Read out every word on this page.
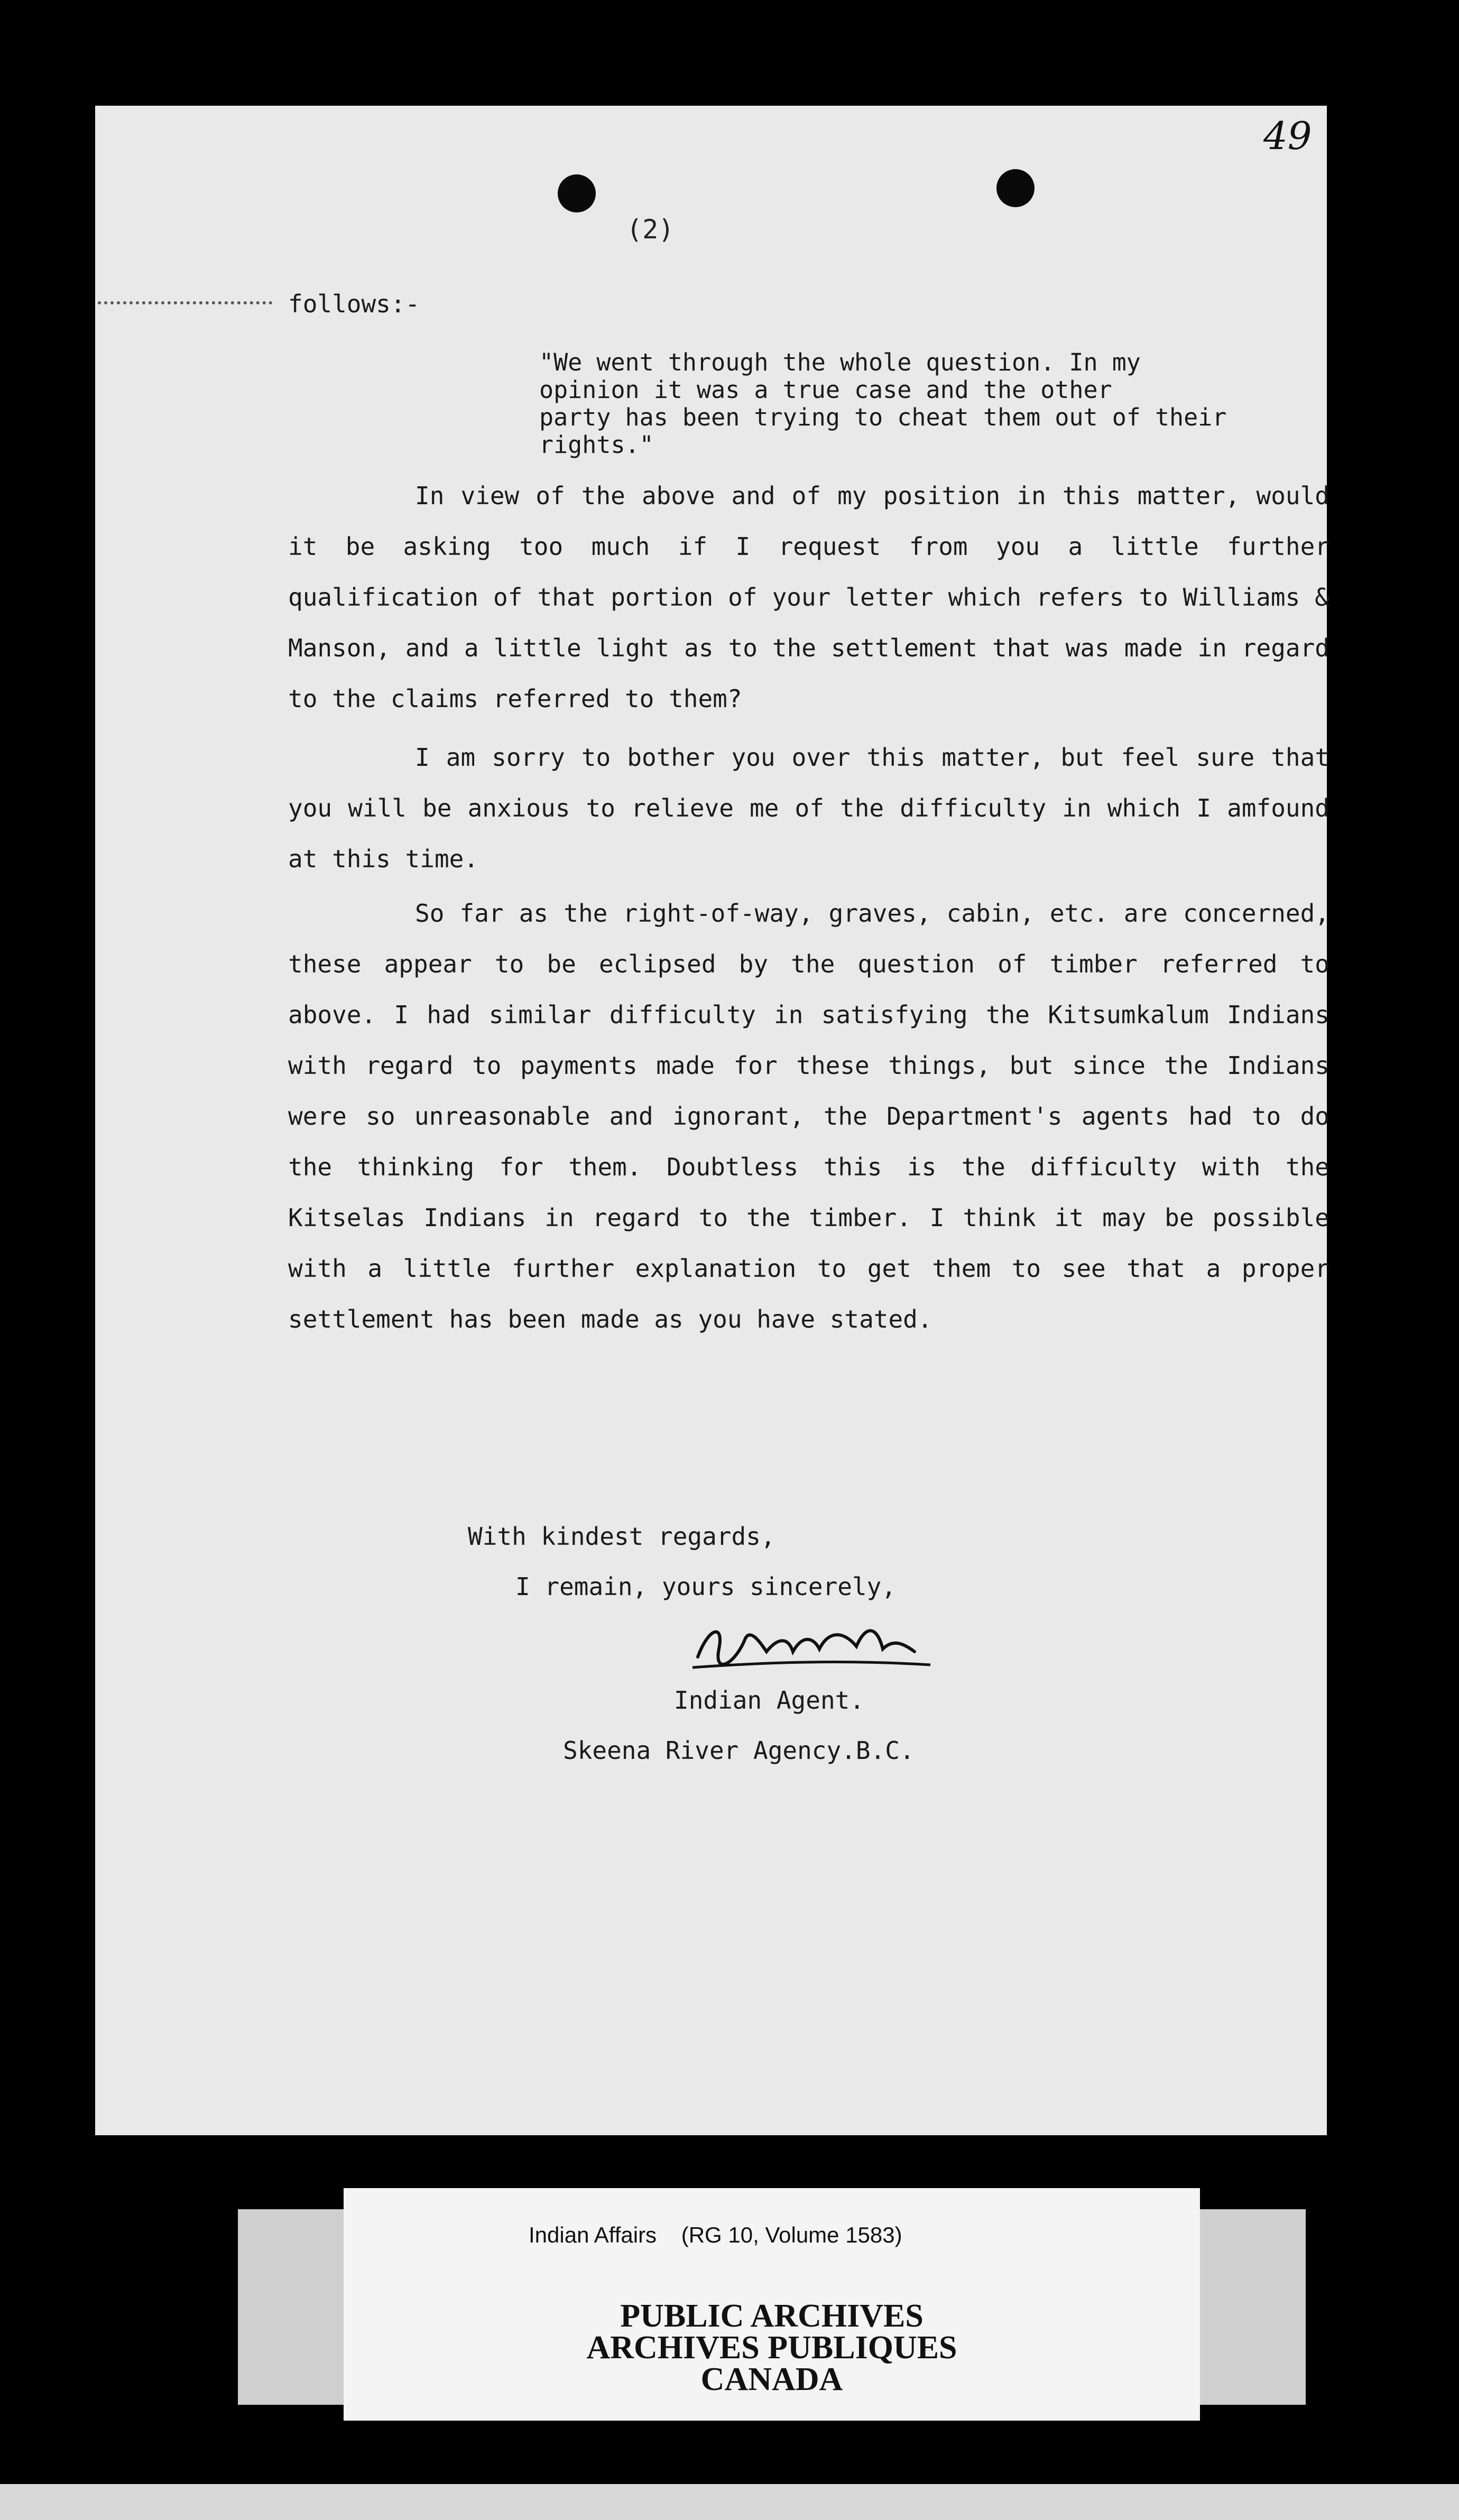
49
(2)
follows:-
"We went through the whole question. In my
opinion it was a true case and the other
party has been trying to cheat them out of their
rights."

In view of the above and of my position in this matter, would it be asking too much if I request from you a little further qualification of that portion of your letter which refers to Williams & Manson, and a little light as to the settlement that was made in regard to the claims referred to them?

I am sorry to bother you over this matter, but feel sure that you will be anxious to relieve me of the difficulty in which I amfound at this time.

So far as the right-of-way, graves, cabin, etc. are concerned, these appear to be eclipsed by the question of timber referred to above. I had similar difficulty in satisfying the Kitsumkalum Indians with regard to payments made for these things, but since the Indians were so unreasonable and ignorant, the Department's agents had to do the thinking for them. Doubtless this is the difficulty with the Kitselas Indians in regard to the timber. I think it may be possible with a little further explanation to get them to see that a proper settlement has been made as you have stated.

With kindest regards,
I remain, yours sincerely,
Indian Agent.
Skeena River Agency.B.C.
Indian Affairs    (RG 10, Volume 1583)
PUBLIC ARCHIVES
ARCHIVES PUBLIQUES
CANADA
